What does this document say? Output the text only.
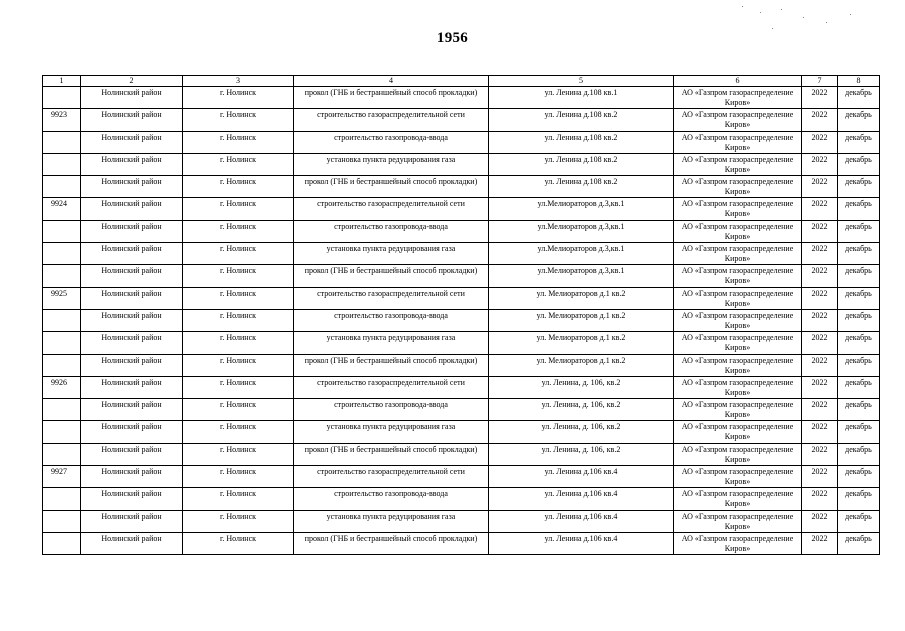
1956
1	2	3	4	5	6	7	8

	Нолинский район	г. Нолинск	прокол (ГНБ и бестраншейный способ прокладки)	ул. Ленина д.108 кв.1	АО «Газпром газораспределение Киров»	2022	декабрь

9923	Нолинский район	г. Нолинск	строительство газораспределительной сети	ул. Ленина д.108 кв.2	АО «Газпром газораспределение Киров»	2022	декабрь

	Нолинский район	г. Нолинск	строительство газопровода-ввода	ул. Ленина д.108 кв.2	АО «Газпром газораспределение Киров»	2022	декабрь

	Нолинский район	г. Нолинск	установка пункта редуцирования газа	ул. Ленина д.108 кв.2	АО «Газпром газораспределение Киров»	2022	декабрь

	Нолинский район	г. Нолинск	прокол (ГНБ и бестраншейный способ прокладки)	ул. Ленина д.108 кв.2	АО «Газпром газораспределение Киров»	2022	декабрь

9924	Нолинский район	г. Нолинск	строительство газораспределительной сети	ул.Мелиораторов д.3,кв.1	АО «Газпром газораспределение Киров»	2022	декабрь

	Нолинский район	г. Нолинск	строительство газопровода-ввода	ул.Мелиораторов д.3,кв.1	АО «Газпром газораспределение Киров»	2022	декабрь

	Нолинский район	г. Нолинск	установка пункта редуцирования газа	ул.Мелиораторов д.3,кв.1	АО «Газпром газораспределение Киров»	2022	декабрь

	Нолинский район	г. Нолинск	прокол (ГНБ и бестраншейный способ прокладки)	ул.Мелиораторов д.3,кв.1	АО «Газпром газораспределение Киров»	2022	декабрь

9925	Нолинский район	г. Нолинск	строительство газораспределительной сети	ул. Мелиораторов д.1 кв.2	АО «Газпром газораспределение Киров»	2022	декабрь

	Нолинский район	г. Нолинск	строительство газопровода-ввода	ул. Мелиораторов д.1 кв.2	АО «Газпром газораспределение Киров»	2022	декабрь

	Нолинский район	г. Нолинск	установка пункта редуцирования газа	ул. Мелиораторов д.1 кв.2	АО «Газпром газораспределение Киров»	2022	декабрь

	Нолинский район	г. Нолинск	прокол (ГНБ и бестраншейный способ прокладки)	ул. Мелиораторов д.1 кв.2	АО «Газпром газораспределение Киров»	2022	декабрь

9926	Нолинский район	г. Нолинск	строительство газораспределительной сети	ул. Ленина, д. 106, кв.2	АО «Газпром газораспределение Киров»	2022	декабрь

	Нолинский район	г. Нолинск	строительство газопровода-ввода	ул. Ленина, д. 106, кв.2	АО «Газпром газораспределение Киров»	2022	декабрь

	Нолинский район	г. Нолинск	установка пункта редуцирования газа	ул. Ленина, д. 106, кв.2	АО «Газпром газораспределение Киров»	2022	декабрь

	Нолинский район	г. Нолинск	прокол (ГНБ и бестраншейный способ прокладки)	ул. Ленина, д. 106, кв.2	АО «Газпром газораспределение Киров»	2022	декабрь

9927	Нолинский район	г. Нолинск	строительство газораспределительной сети	ул. Ленина д.106 кв.4	АО «Газпром газораспределение Киров»	2022	декабрь

	Нолинский район	г. Нолинск	строительство газопровода-ввода	ул. Ленина д.106 кв.4	АО «Газпром газораспределение Киров»	2022	декабрь

	Нолинский район	г. Нолинск	установка пункта редуцирования газа	ул. Ленина д.106 кв.4	АО «Газпром газораспределение Киров»	2022	декабрь

	Нолинский район	г. Нолинск	прокол (ГНБ и бестраншейный способ прокладки)	ул. Ленина д.106 кв.4	АО «Газпром газораспределение Киров»	2022	декабрь
